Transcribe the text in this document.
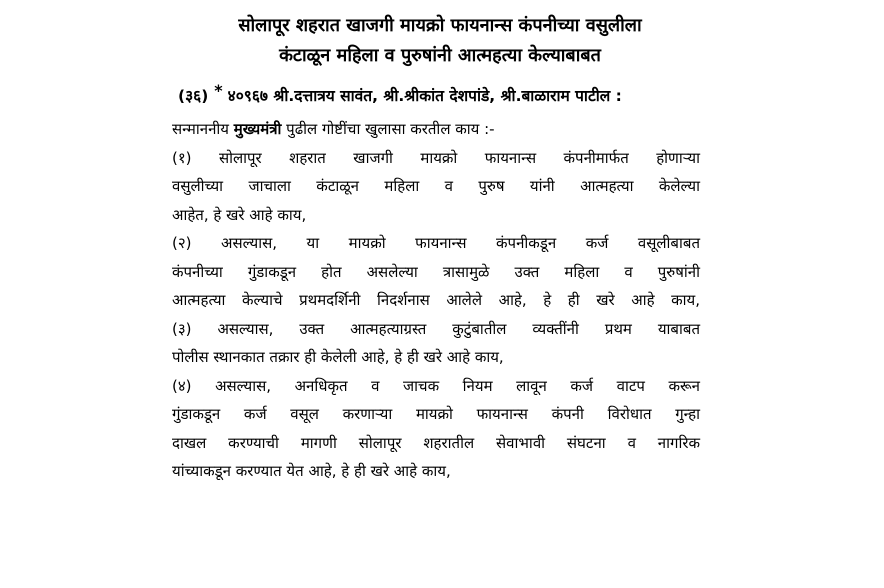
सोलापूर शहरात खाजगी मायक्रो फायनान्स कंपनीच्या वसुलीला
कंटाळून महिला व पुरुषांनी आत्महत्या केल्याबाबत
(३६) * ४०९६७ श्री.दत्तात्रय सावंत, श्री.श्रीकांत देशपांडे, श्री.बाळाराम पाटील :
सन्माननीय मुख्यमंत्री पुढील गोष्टींचा खुलासा करतील काय :-
(१) सोलापूर शहरात खाजगी मायक्रो फायनान्स कंपनीमार्फत होणाऱ्या
वसुलीच्या जाचाला कंटाळून महिला व पुरुष यांनी आत्महत्या केलेल्या
आहेत, हे खरे आहे काय,
(२) असल्यास, या मायक्रो फायनान्स कंपनीकडून कर्ज वसूलीबाबत
कंपनीच्या गुंडाकडून होत असलेल्या त्रासामुळे उक्त महिला व पुरुषांनी
आत्महत्या केल्याचे प्रथमदर्शिनी निदर्शनास आलेले आहे, हे ही खरे आहे काय,
(३) असल्यास, उक्त आत्महत्याग्रस्त कुटुंबातील व्यक्तींनी प्रथम याबाबत
पोलीस स्थानकात तक्रार ही केलेली आहे, हे ही खरे आहे काय,
(४) असल्यास, अनधिकृत व जाचक नियम लावून कर्ज वाटप करून
गुंडाकडून कर्ज वसूल करणाऱ्या मायक्रो फायनान्स कंपनी विरोधात गुन्हा
दाखल करण्याची मागणी सोलापूर शहरातील सेवाभावी संघटना व नागरिक
यांच्याकडून करण्यात येत आहे, हे ही खरे आहे काय,
